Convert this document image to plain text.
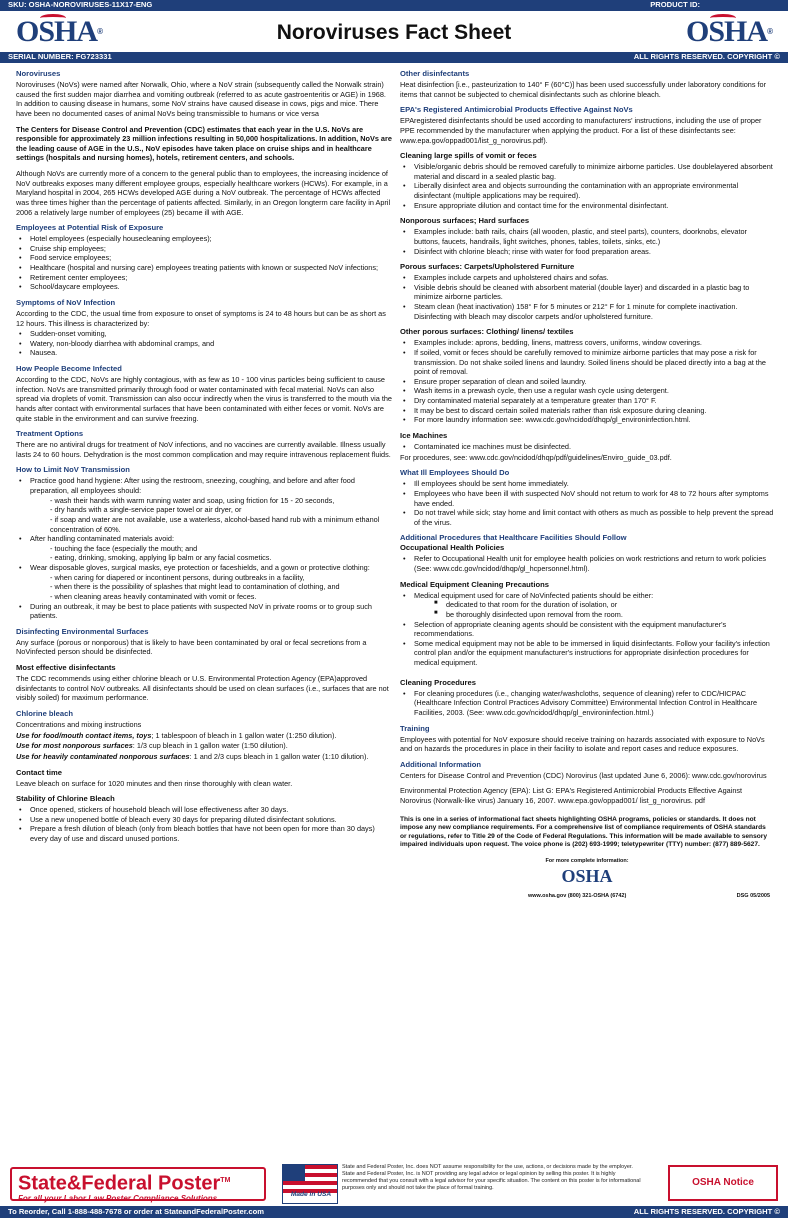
SKU: OSHA-NOROVIRUSES-11X17-ENG	PRODUCT ID:
OSHA®	Noroviruses Fact Sheet	OSHA®
SERIAL NUMBER: FG723331	ALL RIGHTS RESERVED. COPYRIGHT ©
Noroviruses

Noroviruses (NoVs) were named after Norwalk, Ohio, where a NoV strain (subsequently called the Norwalk strain) caused the first sudden major diarrhea and vomiting outbreak (referred to as acute gastroenteritis or AGE) in 1968. In addition to causing disease in humans, some NoV strains have caused disease in cows, pigs and mice. There have been no documented cases of animal NoVs being transmissible to humans or vice versa

The Centers for Disease Control and Prevention (CDC) estimates that each year in the U.S. NoVs are responsible for approximately 23 million infections resulting in 50,000 hospitalizations. In addition, NoVs are the leading cause of AGE in the U.S., NoV episodes have taken place on cruise ships and in healthcare settings (hospitals and nursing homes), hotels, retirement centers, and schools.

Although NoVs are currently more of a concern to the general public than to employees, the increasing incidence of NoV outbreaks exposes many different employee groups, especially healthcare workers (HCWs). For example, in a Maryland hospital in 2004, 265 HCWs developed AGE during a NoV outbreak. The percentage of HCWs affected was three times higher than the percentage of patients affected. Similarly, in an Oregon longterm care facility in April 2006 a relatively large number of employees (25) became ill with AGE.

Employees at Potential Risk of Exposure
• Hotel employees (especially housecleaning employees);
• Cruise ship employees;
• Food service employees;
• Healthcare (hospital and nursing care) employees treating patients with known or suspected NoV infections;
• Retirement center employees;
• School/daycare employees.
Symptoms of NoV Infection

According to the CDC, the usual time from exposure to onset of symptoms is 24 to 48 hours but can be as short as 12 hours. This illness is characterized by:

• Sudden-onset vomiting,
• Watery, non-bloody diarrhea with abdominal cramps, and
• Nausea.
How People Become Infected

According to the CDC, NoVs are highly contagious, with as few as 10 - 100 virus particles being sufficient to cause infection. NoVs are transmitted primarily through food or water contaminated with fecal material. NoVs can also spread via droplets of vomit. Transmission can also occur indirectly when the virus is transferred to the mouth via the hands after contact with environmental surfaces that have been contaminated with either feces or vomit. NoVs are quite stable in the environment and can survive freezing.

Treatment Options

There are no antiviral drugs for treatment of NoV infections, and no vaccines are currently available. Illness usually lasts 24 to 60 hours. Dehydration is the most common complication and may require intravenous replacement fluids.

How to Limit NoV Transmission
• Practice good hand hygiene: After using the restroom, sneezing, coughing, and before and after food preparation, all employees should:
- wash their hands with warm running water and soap, using friction for 15 - 20 seconds,
- dry hands with a single-service paper towel or air dryer, or
- if soap and water are not available, use a waterless, alcohol-based hand rub with a minimum ethanol concentration of 60%.
• After handling contaminated materials avoid:
- touching the face (especially the mouth; and
- eating, drinking, smoking, applying lip balm or any facial cosmetics.
• Wear disposable gloves, surgical masks, eye protection or faceshields, and a gown or protective clothing:
- when caring for diapered or incontinent persons, during outbreaks in a facility,
- when there is the possibility of splashes that might lead to contamination of clothing, and
- when cleaning areas heavily contaminated with vomit or feces.
• During an outbreak, it may be best to place patients with suspected NoV in private rooms or to group such patients.
Disinfecting Environmental Surfaces

Any surface (porous or nonporous) that is likely to have been contaminated by oral or fecal secretions from a NoVinfected person should be disinfected.

Most effective disinfectants

The CDC recommends using either chlorine bleach or U.S. Environmental Protection Agency (EPA)approved disinfectants to control NoV outbreaks. All disinfectants should be used on clean surfaces (i.e., surfaces that are not visibly soiled) for maximum performance.

Chlorine bleach

Concentrations and mixing instructions

Use for food/mouth contact items, toys; 1 tablespoon of bleach in 1 gallon water (1:250 dilution).

Use for most nonporous surfaces: 1/3 cup bleach in 1 gallon water (1:50 dilution).

Use for heavily contaminated nonporous surfaces: 1 and 2/3 cups bleach in 1 gallon water (1:10 dilution).

Contact time

Leave bleach on surface for 1020 minutes and then rinse thoroughly with clean water.

Stability of Chlorine Bleach
• Once opened, stickers of household bleach will lose effectiveness after 30 days.
• Use a new unopened bottle of bleach every 30 days for preparing diluted disinfectant solutions.
• Prepare a fresh dilution of bleach (only from bleach bottles that have not been open for more than 30 days) every day of use and discard unused portions.
Other disinfectants

Heat disinfection [i.e., pasteurization to 140° F (60°C)] has been used successfully under laboratory conditions for items that cannot be subjected to chemical disinfectants such as chlorine bleach.

EPA's Registered Antimicrobial Products Effective Against NoVs

EPAregistered disinfectants should be used according to manufacturers' instructions, including the use of proper PPE recommended by the manufacturer when applying the product. For a list of these disinfectants see: www.epa.gov/oppad001/list_g_norovirus.pdf).

Cleaning large spills of vomit or feces
• Visible/organic debris should be removed carefully to minimize airborne particles. Use doublelayered absorbent material and discard in a sealed plastic bag.
• Liberally disinfect area and objects surrounding the contamination with an appropriate environmental disinfectant (multiple applications may be required).
• Ensure appropriate dilution and contact time for the environmental disinfectant.
Nonporous surfaces; Hard surfaces
• Examples include: bath rails, chairs (all wooden, plastic, and steel parts), counters, doorknobs, elevator buttons, faucets, handrails, light switches, phones, tables, toilets, sinks, etc.)
• Disinfect with chlorine bleach; rinse with water for food preparation areas.
Porous surfaces: Carpets/Upholstered Furniture
• Examples include carpets and upholstered chairs and sofas.
• Visible debris should be cleaned with absorbent material (double layer) and discarded in a plastic bag to minimize airborne particles.
• Steam clean (heat inactivation) 158° F for 5 minutes or 212° F for 1 minute for complete inactivation. Disinfecting with bleach may discolor carpets and/or upholstered furniture.
Other porous surfaces: Clothing/ linens/ textiles
• Examples include: aprons, bedding, linens, mattress covers, uniforms, window coverings.
• If soiled, vomit or feces should be carefully removed to minimize airborne particles that may pose a risk for transmission. Do not shake soiled linens and laundry. Soiled linens should be placed directly into a bag at the point of removal.
• Ensure proper separation of clean and soiled laundry.
• Wash items in a prewash cycle, then use a regular wash cycle using detergent.
• Dry contaminated material separately at a temperature greater than 170° F.
• It may be best to discard certain soiled materials rather than risk exposure during cleaning.
• For more laundry information see: www.cdc.gov/ncidod/dhqp/gl_environinfection.html.
Ice Machines
• Contaminated ice machines must be disinfected.

For procedures, see: www.cdc.gov/ncidod/dhqp/pdf/guidelines/Enviro_guide_03.pdf.

What Ill Employees Should Do
• Ill employees should be sent home immediately.
• Employees who have been ill with suspected NoV should not return to work for 48 to 72 hours after symptoms have ended.
• Do not travel while sick; stay home and limit contact with others as much as possible to help prevent the spread of the virus.
Additional Procedures that Healthcare Facilities Should Follow
Occupational Health Policies
• Refer to Occupational Health unit for employee health policies on work restrictions and return to work policies (See: www.cdc.gov/ncidod/dhqp/gl_hcpersonnel.html).
Medical Equipment Cleaning Precautions
• Medical equipment used for care of NoVinfected patients should be either:
■ dedicated to that room for the duration of isolation, or
■ be thoroughly disinfected upon removal from the room.
• Selection of appropriate cleaning agents should be consistent with the equipment manufacturer's recommendations.
• Some medical equipment may not be able to be immersed in liquid disinfectants. Follow your facility's infection control plan and/or the equipment manufacturer's instructions for appropriate disinfection procedures for medical equipment.
Cleaning Procedures
• For cleaning procedures (i.e., changing water/washcloths, sequence of cleaning) refer to CDC/HICPAC (Healthcare Infection Control Practices Advisory Committee) Environmental Infection Control in Healthcare Facilities, 2003. (See: www.cdc.gov/ncidod/dhqp/gl_environinfection.html.)
Training

Employees with potential for NoV exposure should receive training on hazards associated with exposure to NoVs and on hazards the procedures in place in their facility to isolate and report cases and reduce exposures.

Additional Information

Centers for Disease Control and Prevention (CDC) Norovirus (last updated June 6, 2006): www.cdc.gov/norovirus

Environmental Protection Agency (EPA): List G: EPA's Registered Antimicrobial Products Effective Against Norovirus (Norwalk-like virus) January 16, 2007. www.epa.gov/oppad001/ list_g_norovirus. pdf

This is one in a series of informational fact sheets highlighting OSHA programs, policies or standards. It does not impose any new compliance requirements. For a comprehensive list of compliance requirements of OSHA standards or regulations, refer to Title 29 of the Code of Federal Regulations. This information will be made available to sensory impaired individuals upon request. The voice phone is (202) 693-1999; teletypewriter (TTY) number: (877) 889-5627.

For more complete information:
OSHA
www.osha.gov (800) 321-OSHA (6742)	DSG 05/2005
State&Federal Poster™
For all your Labor Law Poster Compliance Solutions	Made in USA
State and Federal Poster, Inc. does NOT assume responsibility for the use, actions, or decisions made by the employer. State and Federal Poster, Inc. is NOT providing any legal advice or legal opinion by selling this poster. It is highly recommended that you consult with a legal advisor for your specific situation. The content on this poster is for informational purposes only and should not take the place of formal training.	OSHA Notice
To Reorder, Call 1-888-488-7678 or order at StateandFederalPoster.com	ALL RIGHTS RESERVED. COPYRIGHT ©
